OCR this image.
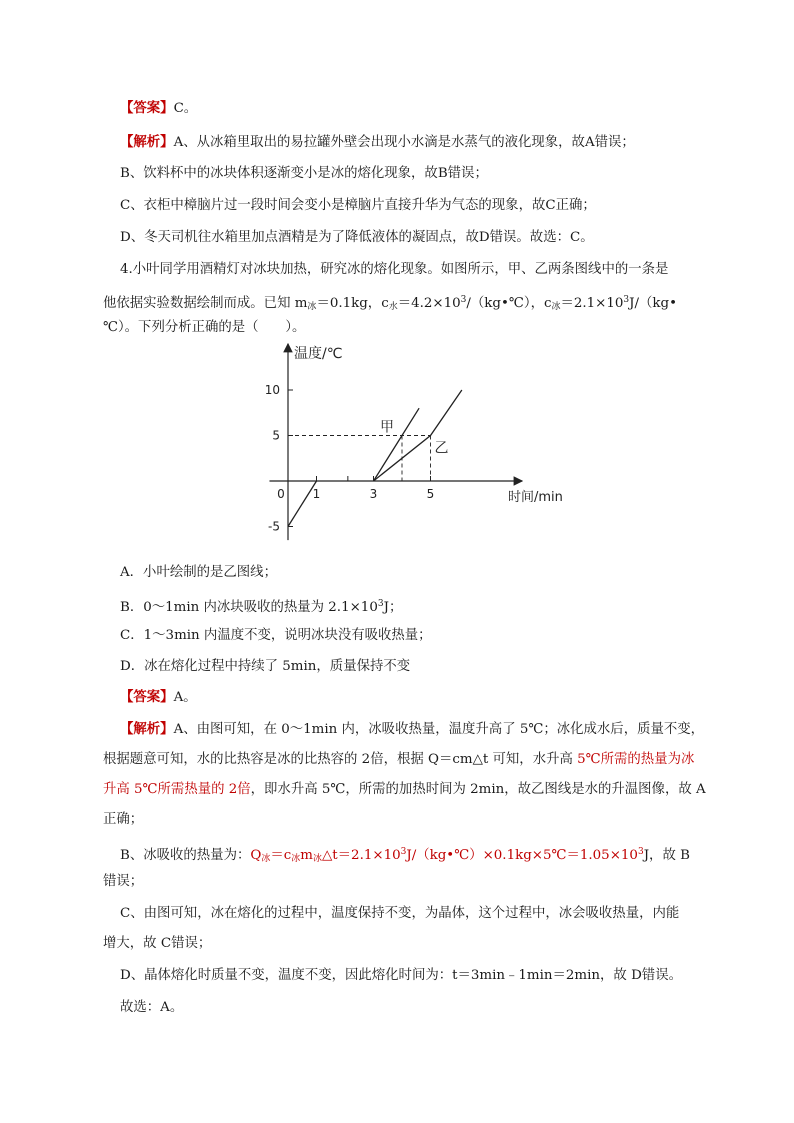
【答案】C。
【解析】A、从冰箱里取出的易拉罐外壁会出现小水滴是水蒸气的液化现象，故A错误；
B、饮料杯中的冰块体积逐渐变小是冰的熔化现象，故B错误；
C、衣柜中樟脑片过一段时间会变小是樟脑片直接升华为气态的现象，故C正确；
D、冬天司机往水箱里加点酒精是为了降低液体的凝固点，故D错误。故选：C。
4.小叶同学用酒精灯对冰块加热，研究冰的熔化现象。如图所示，甲、乙两条图线中的一条是
他依据实验数据绘制而成。已知 $m_冰=0.1kg$，$c_水=4.2\times 10^3/(kg•℃)$，$c_冰=2.1\times 10^3J/(kg•$
℃）。下列分析正确的是（　　）。
0 1	3	5
-5
5
10
温度/℃
时间/min
甲
乙
A．小叶绘制的是乙图线；
B．0～1min 内冰块吸收的热量为 $2.1\times 10^3J$；
C．1～3min 内温度不变，说明冰块没有吸收热量；
D．冰在熔化过程中持续了 5min，质量保持不变
【答案】A。
【解析】A、由图可知，在 0～1min 内，冰吸收热量，温度升高了 5℃；冰化成水后，质量不变，
根据题意可知，水的比热容是冰的比热容的 2倍，根据 Q＝cm△t 可知，水升高 5℃所需的热量为冰
升高 5℃所需热量的 2倍，即水升高 5℃，所需的加热时间为 2min，故乙图线是水的升温图像，故 A
正确；
B、冰吸收的热量为：$Q_冰=c_冰m_冰\triangle t=2.1\times 10^3J/(kg•℃)\times 0.1kg\times 5℃=1.05\times 10^3J$，故 B
错误；
C、由图可知，冰在熔化的过程中，温度保持不变，为晶体，这个过程中，冰会吸收热量，内能
增大，故 C错误；
D、晶体熔化时质量不变，温度不变，因此熔化时间为：t＝3min﹣1min＝2min，故 D错误。
故选：A。
